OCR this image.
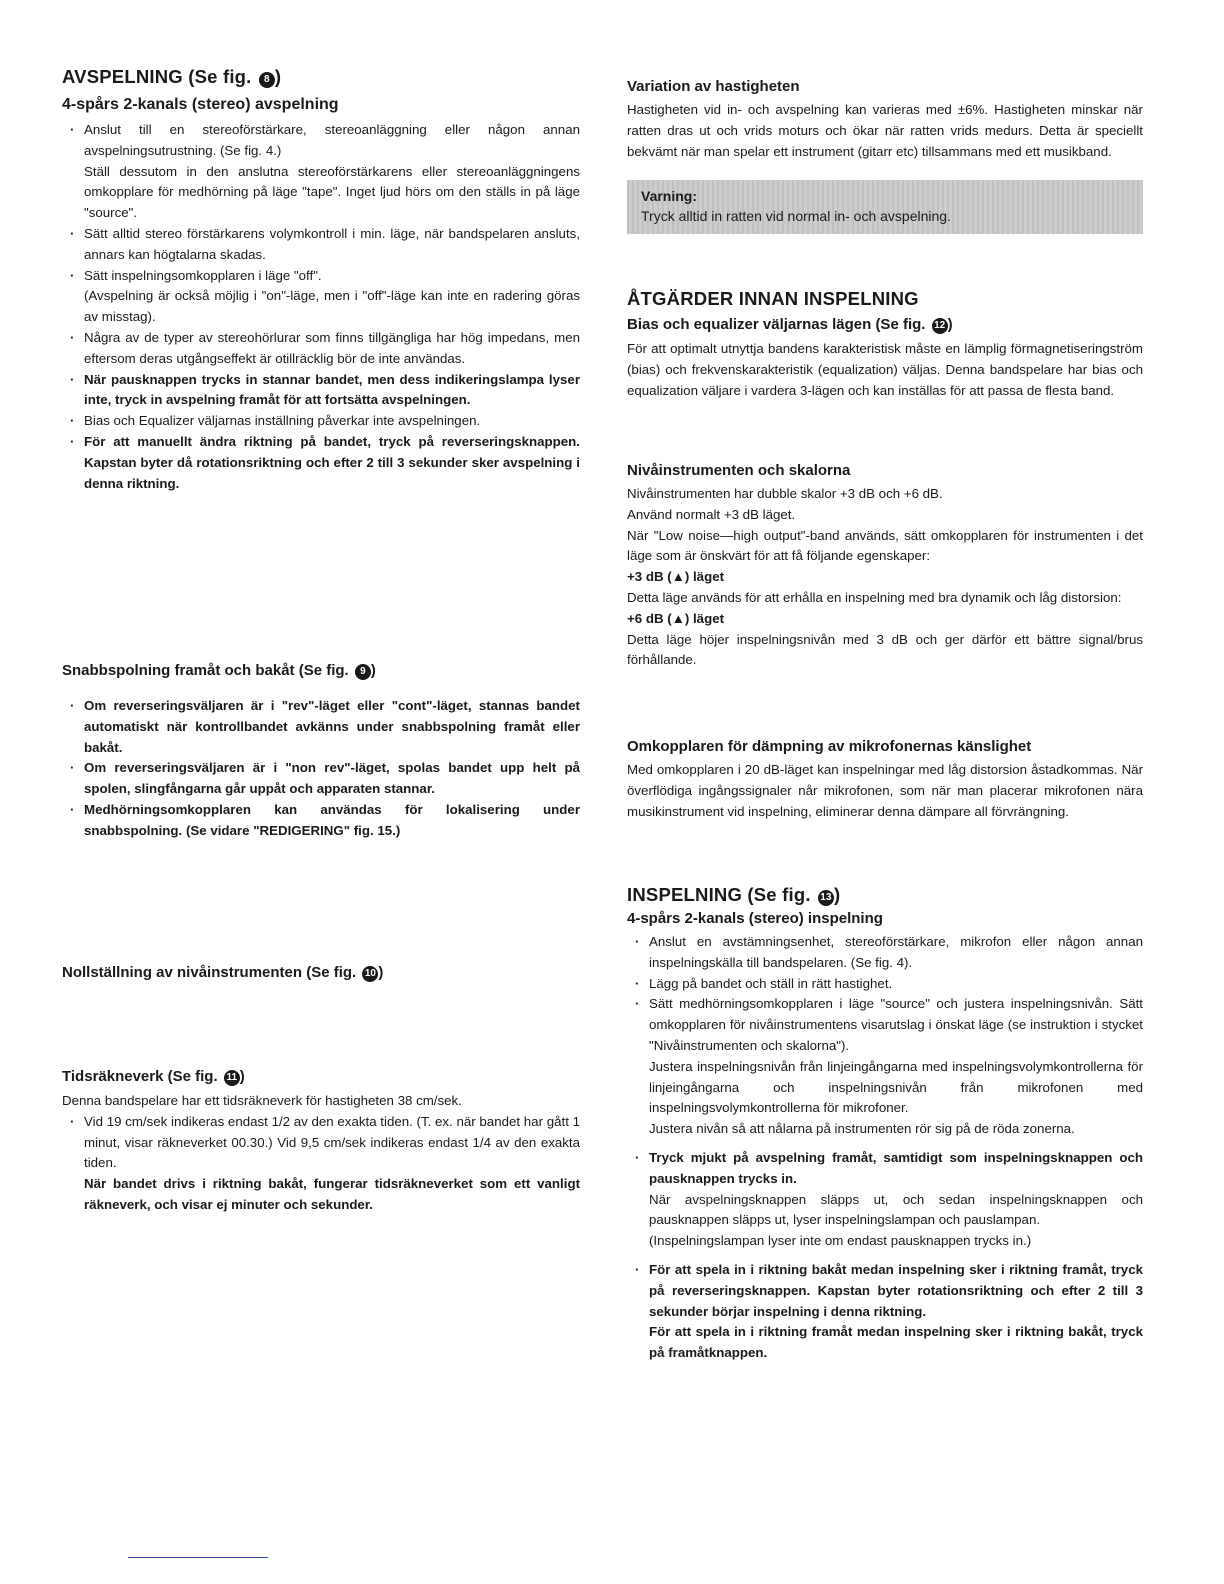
AVSPELNING (Se fig. 8 )
4-spårs 2-kanals (stereo) avspelning
· Anslut till en stereoförstärkare, stereoanläggning eller någon annan avspelningsutrustning. (Se fig. 4.)
Ställ dessutom in den anslutna stereoförstärkarens eller stereoanläggningens omkopplare för medhörning på läge "tape". Inget ljud hörs om den ställs in på läge "source".
· Sätt alltid stereo förstärkarens volymkontroll i min. läge, när bandspelaren ansluts, annars kan högtalarna skadas.
· Sätt inspelningsomkopplaren i läge "off".
(Avspelning är också möjlig i "on"-läge, men i "off"-läge kan inte en radering göras av misstag).
· Några av de typer av stereohörlurar som finns tillgängliga har hög impedans, men eftersom deras utgångseffekt är otillräcklig bör de inte användas.
· När pausknappen trycks in stannar bandet, men dess indikeringslampa lyser inte, tryck in avspelning framåt för att fortsätta avspelningen.
· Bias och Equalizer väljarnas inställning påverkar inte avspelningen.
· För att manuellt ändra riktning på bandet, tryck på reverseringsknappen. Kapstan byter då rotationsriktning och efter 2 till 3 sekunder sker avspelning i denna riktning.
Snabbspolning framåt och bakåt (Se fig. 9 )
· Om reverseringsväljaren är i "rev"-läget eller "cont"-läget, stannas bandet automatiskt när kontrollbandet avkänns under snabbspolning framåt eller bakåt.
· Om reverseringsväljaren är i "non rev"-läget, spolas bandet upp helt på spolen, slingfångarna går uppåt och apparaten stannar.
· Medhörningsomkopplaren kan användas för lokalisering under snabbspolning. (Se vidare "REDIGERING" fig. 15.)
Nollställning av nivåinstrumenten (Se fig. 10 )
Tidsräkneverk (Se fig. 11 )

Denna bandspelare har ett tidsräkneverk för hastigheten 38 cm/sek.

· Vid 19 cm/sek indikeras endast 1/2 av den exakta tiden. (T. ex. när bandet har gått 1 minut, visar räkneverket 00.30.) Vid 9,5 cm/sek indikeras endast 1/4 av den exakta tiden.

När bandet drivs i riktning bakåt, fungerar tidsräkneverket som ett vanligt räkneverk, och visar ej minuter och sekunder.

Variation av hastigheten

Hastigheten vid in- och avspelning kan varieras med ±6%. Hastigheten minskar när ratten dras ut och vrids moturs och ökar när ratten vrids medurs. Detta är speciellt bekvämt när man spelar ett instrument (gitarr etc) tillsammans med ett musikband.

Varning:
Tryck alltid in ratten vid normal in- och avspelning.
ÅTGÄRDER INNAN INSPELNING
Bias och equalizer väljarnas lägen (Se fig. 12 )

För att optimalt utnyttja bandens karakteristisk måste en lämplig förmagnetiseringström (bias) och frekvenskarakteristik (equalization) väljas. Denna bandspelare har bias och equalization väljare i vardera 3-lägen och kan inställas för att passa de flesta band.

Nivåinstrumenten och skalorna

Nivåinstrumenten har dubble skalor +3 dB och +6 dB.

Använd normalt +3 dB läget.

När "Low noise—high output"-band används, sätt omkopplaren för instrumenten i det läge som är önskvärt för att få följande egenskaper:

+3 dB (▲) läget

Detta läge används för att erhålla en inspelning med bra dynamik och låg distorsion:

+6 dB (▲) läget

Detta läge höjer inspelningsnivån med 3 dB och ger därför ett bättre signal/brus förhållande.

Omkopplaren för dämpning av mikrofonernas känslighet

Med omkopplaren i 20 dB-läget kan inspelningar med låg distorsion åstadkommas. När överflödiga ingångssignaler når mikrofonen, som när man placerar mikrofonen nära musikinstrument vid inspelning, eliminerar denna dämpare all förvrängning.

INSPELNING (Se fig. 13 )
4-spårs 2-kanals (stereo) inspelning
· Anslut en avstämningsenhet, stereoförstärkare, mikrofon eller någon annan inspelningskälla till bandspelaren. (Se fig. 4).
· Lägg på bandet och ställ in rätt hastighet.
· Sätt medhörningsomkopplaren i läge "source" och justera inspelningsnivån. Sätt omkopplaren för nivåinstrumentens visarutslag i önskat läge (se instruktion i stycket "Nivåinstrumenten och skalorna").
Justera inspelningsnivån från linjeingångarna med inspelningsvolymkontrollerna för linjeingångarna och inspelningsnivån från mikrofonen med inspelningsvolymkontrollerna för mikrofoner.
Justera nivån så att nålarna på instrumenten rör sig på de röda zonerna.
· Tryck mjukt på avspelning framåt, samtidigt som inspelningsknappen och pausknappen trycks in.
När avspelningsknappen släpps ut, och sedan inspelningsknappen och pausknappen släpps ut, lyser inspelningslampan och pauslampan.
(Inspelningslampan lyser inte om endast pausknappen trycks in.)
· För att spela in i riktning bakåt medan inspelning sker i riktning framåt, tryck på reverseringsknappen. Kapstan byter rotationsriktning och efter 2 till 3 sekunder börjar inspelning i denna riktning.
För att spela in i riktning framåt medan inspelning sker i riktning bakåt, tryck på framåtknappen.
